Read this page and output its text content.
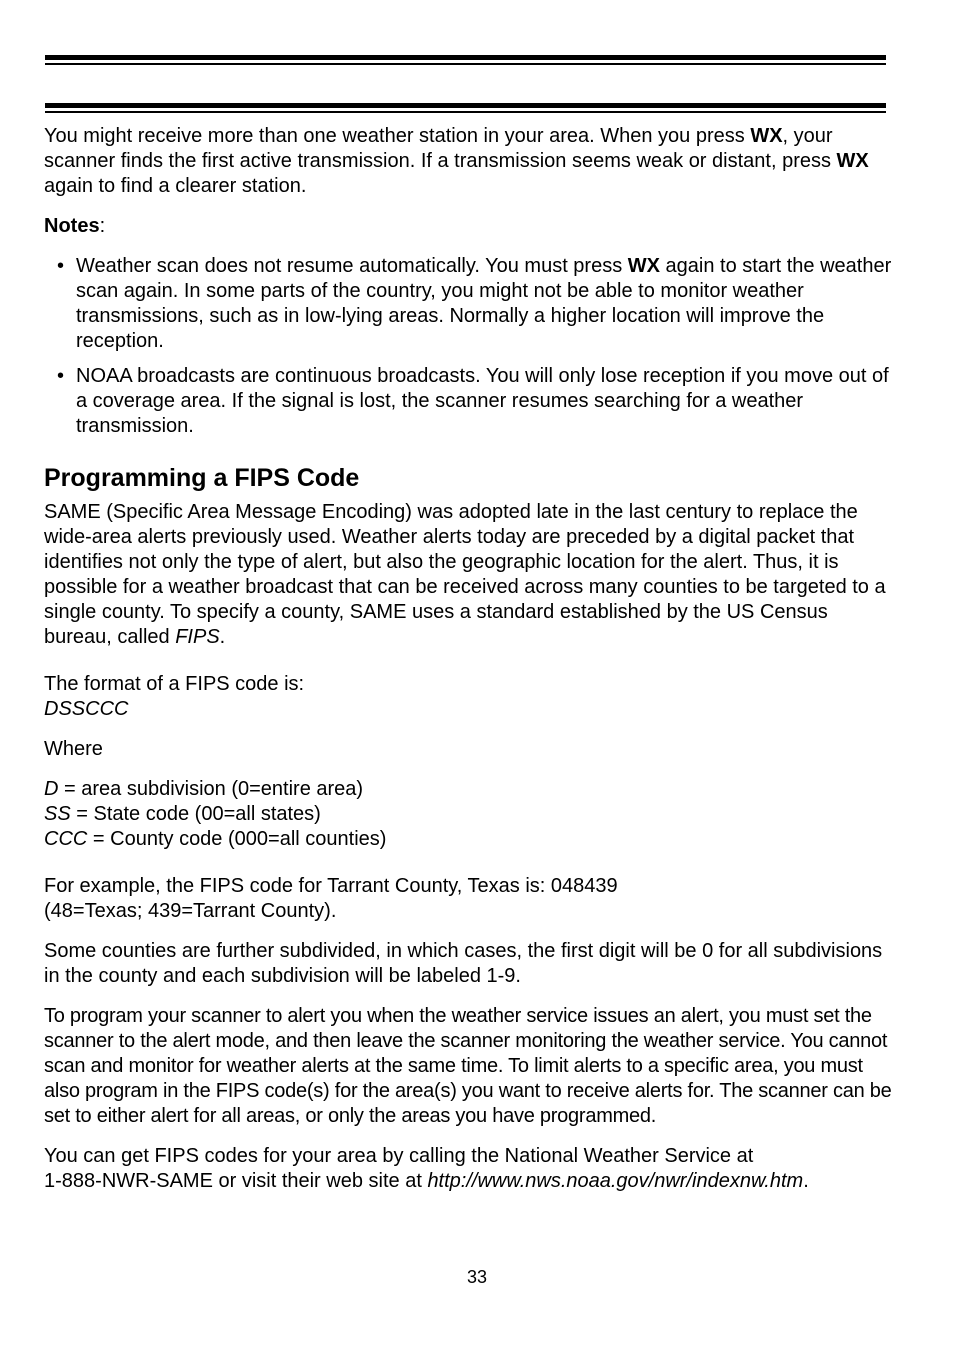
You might receive more than one weather station in your area. When you press WX, your scanner finds the first active transmission. If a transmission seems weak or distant, press WX again to find a clearer station.

Notes:

• Weather scan does not resume automatically. You must press WX again to start the weather scan again. In some parts of the country, you might not be able to monitor weather transmissions, such as in low-lying areas. Normally a higher location will improve the reception.
• NOAA broadcasts are continuous broadcasts. You will only lose reception if you move out of a coverage area. If the signal is lost, the scanner resumes searching for a weather transmission.
Programming a FIPS Code

SAME (Specific Area Message Encoding) was adopted late in the last century to replace the wide-area alerts previously used. Weather alerts today are preceded by a digital packet that identifies not only the type of alert, but also the geographic location for the alert. Thus, it is possible for a weather broadcast that can be received across many counties to be targeted to a single county. To specify a county, SAME uses a standard established by the US Census bureau, called FIPS.

The format of a FIPS code is:

DSSCCC

Where

D = area subdivision (0=entire area)

SS = State code (00=all states)

CCC = County code (000=all counties)

For example, the FIPS code for Tarrant County, Texas is: 048439

(48=Texas; 439=Tarrant County).

Some counties are further subdivided, in which cases, the first digit will be 0 for all subdivisions in the county and each subdivision will be labeled 1-9.

To program your scanner to alert you when the weather service issues an alert, you must set the scanner to the alert mode, and then leave the scanner monitoring the weather service. You cannot scan and monitor for weather alerts at the same time. To limit alerts to a specific area, you must also program in the FIPS code(s) for the area(s) you want to receive alerts for. The scanner can be set to either alert for all areas, or only the areas you have programmed.

You can get FIPS codes for your area by calling the National Weather Service at
1-888-NWR-SAME or visit their web site at http://www.nws.noaa.gov/nwr/indexnw.htm.

33
